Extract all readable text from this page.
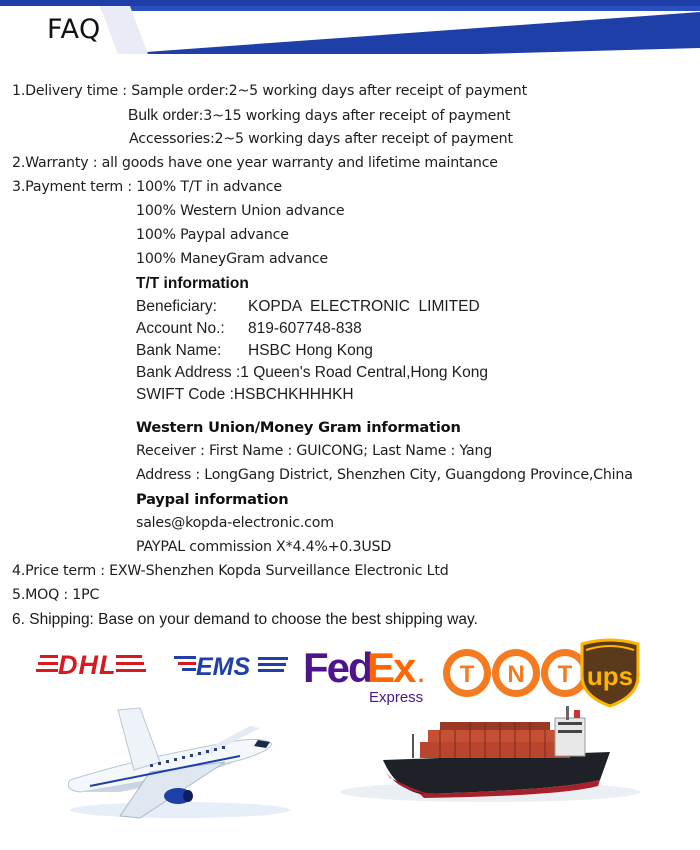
FAQ
1.Delivery time : Sample order:2~5 working days after receipt of payment
Bulk order:3~15 working days after receipt of payment
Accessories:2~5 working days after receipt of payment
2.Warranty : all goods have one year warranty and lifetime maintance
3.Payment term : 100% T/T in advance
100% Western Union advance
100% Paypal advance
100% ManeyGram advance
T/T information
Beneficiary: KOPDA  ELECTRONIC  LIMITED
Account No.: 819-607748-838
Bank Name: HSBC Hong Kong
Bank Address :1 Queen's Road Central,Hong Kong
SWIFT Code :HSBCHKHHHKH
Western Union/Money Gram information
Receiver : First Name : GUICONG; Last Name : Yang
Address : LongGang District, Shenzhen City, Guangdong Province,China
Paypal information
sales@kopda-electronic.com
PAYPAL commission X*4.4%+0.3USD
4.Price term : EXW-Shenzhen Kopda Surveillance Electronic Ltd
5.MOQ : 1PC
6. Shipping: Base on your demand to choose the best shipping way.
DHL	EMS Fed
Ex .
Express
T N T ups
